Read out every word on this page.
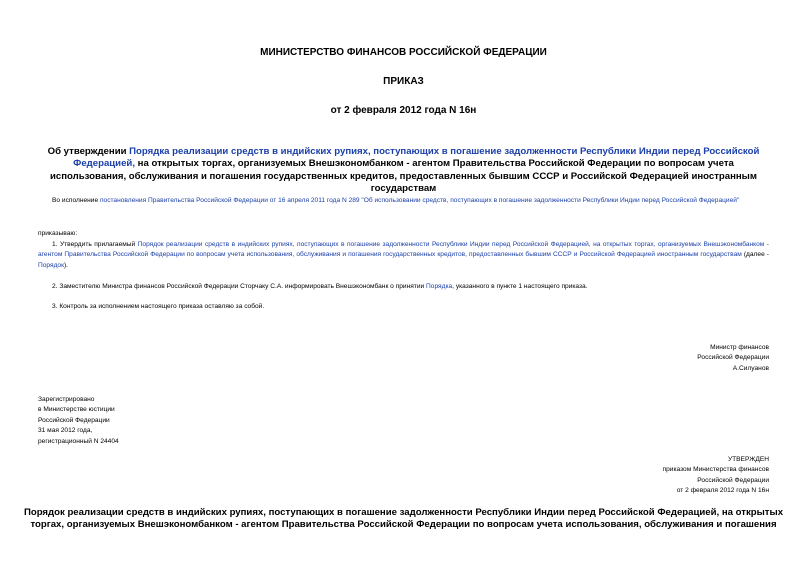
МИНИСТЕРСТВО ФИНАНСОВ РОССИЙСКОЙ ФЕДЕРАЦИИ
ПРИКАЗ
от 2 февраля 2012 года N 16н
Об утверждении Порядка реализации средств в индийских рупиях, поступающих в погашение задолженности Республики Индии перед Российской Федерацией, на открытых торгах, организуемых Внешэкономбанком - агентом Правительства Российской Федерации по вопросам учета использования, обслуживания и погашения государственных кредитов, предоставленных бывшим СССР и Российской Федерацией иностранным государствам
Во исполнение постановления Правительства Российской Федерации от 16 апреля 2011 года N 289 "Об использовании средств, поступающих в погашение задолженности Республики Индии перед Российской Федерацией"
приказываю:
1. Утвердить прилагаемый Порядок реализации средств в индийских рупиях, поступающих в погашение задолженности Республики Индии перед Российской Федерацией, на открытых торгах, организуемых Внешэкономбанком - агентом Правительства Российской Федерации по вопросам учета использования, обслуживания и погашения государственных кредитов, предоставленных бывшим СССР и Российской Федерацией иностранным государствам (далее - Порядок).
2. Заместителю Министра финансов Российской Федерации Сторчаку С.А. информировать Внешэкономбанк о принятии Порядка, указанного в пункте 1 настоящего приказа.
3. Контроль за исполнением настоящего приказа оставляю за собой.
Министр финансов
Российской Федерации
А.Силуанов
Зарегистрировано
в Министерстве юстиции
Российской Федерации
31 мая 2012 года,
регистрационный N 24404
УТВЕРЖДЕН
приказом Министерства финансов
Российской Федерации
от 2 февраля 2012 года N 16н
Порядок реализации средств в индийских рупиях, поступающих в погашение задолженности Республики Индии перед Российской Федерацией, на открытых
торгах, организуемых Внешэкономбанком - агентом Правительства Российской Федерации по вопросам учета использования, обслуживания и погашения
